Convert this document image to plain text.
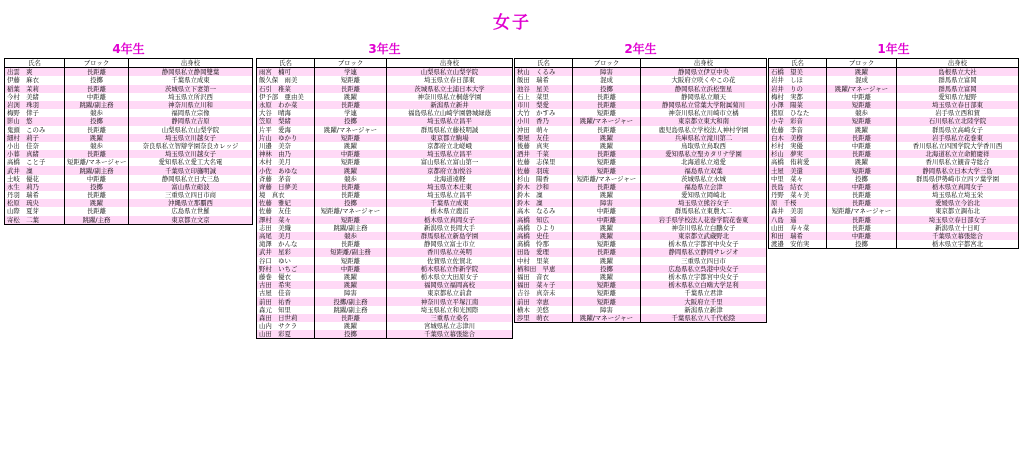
女子
4年生
氏名	ブロック	出身校
出雲　爽	長距離	静岡県私立静岡雙葉
伊藤　麻衣	投擲	千葉県立成東
稲葉　茉莉	長距離	茨城県立下妻第一
今村　美緒	中距離	埼玉県立所沢西
岩渕　珠羽	跳躍/副主務	神奈川県立川和
梅野　倖子	競歩	福岡県立宗像
影山　悠	投擲	静岡県立吉原
鬼頭　このみ	長距離	山梨県私立山梨学院
細村　莉子	跳躍	埼玉県立川越女子
小出　佳奈	競歩	奈良県私立智辯学園奈良カレッジ
小暮　真緒	長距離	埼玉県立川越女子
高橋　こと子	短距離/マネージャー	愛知県私立愛工大名電
武井　凜	跳躍/副主務	千葉県立印旛明誠
土岐　優花	中距離	静岡県私立日大三島
永生　莉乃	投擲	富山県立砺波
丹羽　瑞希	長距離	三重県立四日市商
松原　琉央	跳躍	沖縄県立那覇西
山際　夏芽	長距離	広島県立世羅
寄松　二葉	跳躍/主務	東京都立文京
3年生
氏名	ブロック	出身校
雨宮　楠可	学連	山梨県私立山梨学院
飯久保　雨美	短距離	埼玉県立春日部東
石引　稚菜	長距離	茨城県私立土浦日本大学
伊予部　亜由美	跳躍	神奈川県私立桐蔭学園
永原　わか菜	長距離	新潟県立新井
大谷　晴海	学連	福島県私立山崎学園磐城緑蔭
笠原　梨緒	投擲	埼玉県私立昌平
片平　愛海	跳躍/マネージャー	群馬県私立藤枝明誠
片山　ゆかり	短距離	東京都立駒場
川邉　美奈	跳躍	京都府立北嵯峨
神林　由乃	中距離	埼玉県私立昌平
木村　美月	短距離	富山県私立富山第一
小佐　あゆな	跳躍	京都府立加悦谷
斉藤　茅音	競歩	北海道遠軽
齊藤　日夢美	長距離	埼玉県立本庄東
境　真衣	長距離	埼玉県私立昌平
佐藤　雅妃	投擲	千葉県立成東
佐藤　友佳	短距離/マネージャー	栃木県立鹿沼
澤村　菜々	短距離	栃木県立真岡女子
志田　美織	跳躍/副主務	新潟県立長岡大手
高尾　美月	競歩	群馬県私立新島学園
滝澤　かんな	長距離	静岡県立富士市立
武井　星彩	短距離/副主務	香川県私立英明
谷口　ゆい	短距離	佐賀県立佐賀北
野村　いちご	中距離	栃木県私立作新学院
藤巻　優衣	跳躍	栃木県立大田原女子
古田　希実	跳躍	福岡県立福岡高校
古屋　佳音	障害	東京都私立前倉
前田　祐香	投擲/副主務	神奈川県立平塚江南
森元　知里	跳躍/副主務	埼玉県私立和光国際
森田　日世莉	長距離	三重県立桑名
山内　サクラ	跳躍	宮城県私立志津川
山田　彩夏	投擲	千葉県立幕張総合
2年生
氏名	ブロック	出身校
秋山　くるみ	障害	静岡県立伊豆中央
飯田　瑞希	混成	大阪府立咲くやこの花
池谷　星美	投擲	静岡県私立浜松聖星
石上　菜里	長距離	静岡県私立順天
市川　梨愛	長距離	静岡県私立常葉大学附属菊川
大竹　かすみ	短距離	神奈川県私立川崎市立橘
小川　香乃	跳躍/マネージャー	東京都立東大和南
沖田　萌々	長距離	鹿児島県私立学校法人神村学園
栗屋　友佳	跳躍	兵庫県私立滝川第二
後藤　真実	跳躍	鳥取県立鳥取西
酒井　千菜	長距離	愛知県私立聖カタリナ学園
佐藤　志保里	短距離	北海道私立遠愛
佐藤　羽琉	短距離	福島県立双葉
杉山　陽香	短距離/マネージャー	茨城県私立水城
鈴木　沙和	長距離	福島県立会津
鈴木　凜	跳躍	愛知県立岡崎北
鈴木　凜	障害	埼玉県立熊谷女子
高木　なるみ	中距離	群馬県私立東農大二
高橋　知広	中距離	岩手県学校法人花巻学院花巻東
高橋　ひより	跳躍	神奈川県私立白鵬女子
高橋　史佳	跳躍	東京都立武蔵野北
髙橋　怜那	短距離	栃木県立宇都宮中央女子
田島　愛理	長距離	静岡県私立静岡サレジオ
中村　里菜	跳躍	三重県立四日市
楢和田　早恵	投擲	広島県私立呉港中央女子
福田　音衣	跳躍	栃木県立宇都宮中央女子
福田　菜々子	短距離	栃木県私立白鴎大学足利
吉谷　真奈未	短距離	千葉県立君津
前田　幸恵	短距離	大阪府立千里
横木　美悠	障害	新潟県立新津
渉里　萌衣	跳躍/マネージャー	千葉県私立八千代松陰
1年生
氏名	ブロック	出身校
石橋　望美	跳躍	島根県立大社
岩井　しほ	混成	群馬県立富岡
岩井　りの	跳躍/マネージャー	群馬県立富岡
梅村　実都	中距離	愛知県立旭野
小澤　陽菜	短距離	埼玉県立春日部東
猪原　ひなた	競歩	岩手県立西和賀
小寺　彩音	短距離	石川県私立北陸学院
佐藤　李音	跳躍	群馬県立高崎女子
白木　美樹	長距離	岩手県私立花巻東
杉村　実優	中距離	香川県私立四国学院大学香川西
杉山　夢実	長距離	北海道私立立命館慶祥
高橋　侑莉愛	跳躍	香川県私立観音寺総合
土屋　美還	短距離	静岡県私立日本大学三島
中里　菜々	投擲	群馬県伊勢崎市立四ツ葉学園
長島　結衣	中距離	栃木県立真岡女子
丹野　菜々美	長距離	埼玉県私立埼玉栄
原　千桜	長距離	愛媛県立今治北
森井　美羽	短距離/マネージャー	東京都立調布北
八島　遥	長距離	埼玉県立春日部女子
山田　寿々菜	長距離	新潟県立十日町
和田　瑞希	中距離	千葉県立幕張総合
渡邉　安佑実	投擲	栃木県立宇都宮北
